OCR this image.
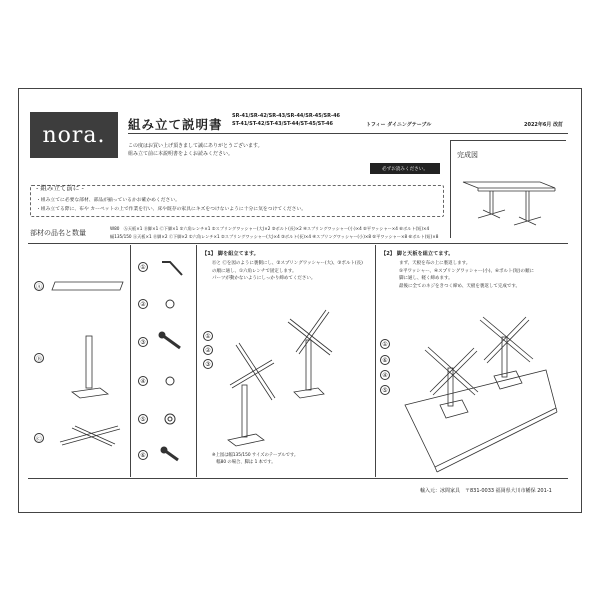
nora.	組み立て説明書
SR-41/SR-42/SR-43/SR-44/SR-45/SR-46
ST-41/ST-42/ST-43/ST-44/ST-45/ST-46	トフィー ダイニングテーブル	2022年6月 改訂
この度はお買い上げ頂きまして誠にありがとうございます。
組み立て前に本説明書をよくお読みください。
必ずお読みください。
- 組み立て前に -
・組み立てに必要な部材、部品が揃っているかお確かめください。
・組み立てる際に、布や カーペットの上で作業を行い、床や既存の家具にキズをつけないように十分に気をつけてください。
完成図
部材の品名と数量
W80　Ⓐ天板×1 Ⓑ脚×1 Ⓒ下脚×1 ①六角レンチ×1 ②スプリングワッシャー(大)×2 ③ボルト(長)×2 ④スプリングワッシャー(小)×4 ⑤平ワッシャー×4 ⑥ボルト(短)×4
幅135/150 Ⓐ天板×1 Ⓑ脚×2 Ⓒ下脚×2 ①六角レンチ×1 ②スプリングワッシャー(大)×4 ③ボルト(長)×4 ④スプリングワッシャー(小)×8 ⑤平ワッシャー×8 ⑥ボルト(短)×8
Ⓐ
Ⓑ
Ⓒ
①
②
③
④
⑤
⑥
【1】 脚を組立てます。
Ⓑと Ⓒを図のように裏側にし、②スプリングワッシャー(大)、③ボルト(長)
の順に通し、①六角レンチで固定します。
パーツが動かないようにしっかり締めてください。
①
②
③
※上図は幅135/150 サイズのテーブルです。
　幅80 の場合、脚は 1 本です。
【2】 脚と天板を組立てます。
まず、天板を布の上に裏返します。
⑤平ワッシャー、④スプリングワッシャー(小)、⑥ボルト(短)の順に
脚に通し、軽く締めます。
最後に全てのネジをきつく締め、天板を裏返して完成です。
①
⑥
④
⑤
輸入元：冰間家具　〒831-0033 福岡県大川市幡保 201-1
